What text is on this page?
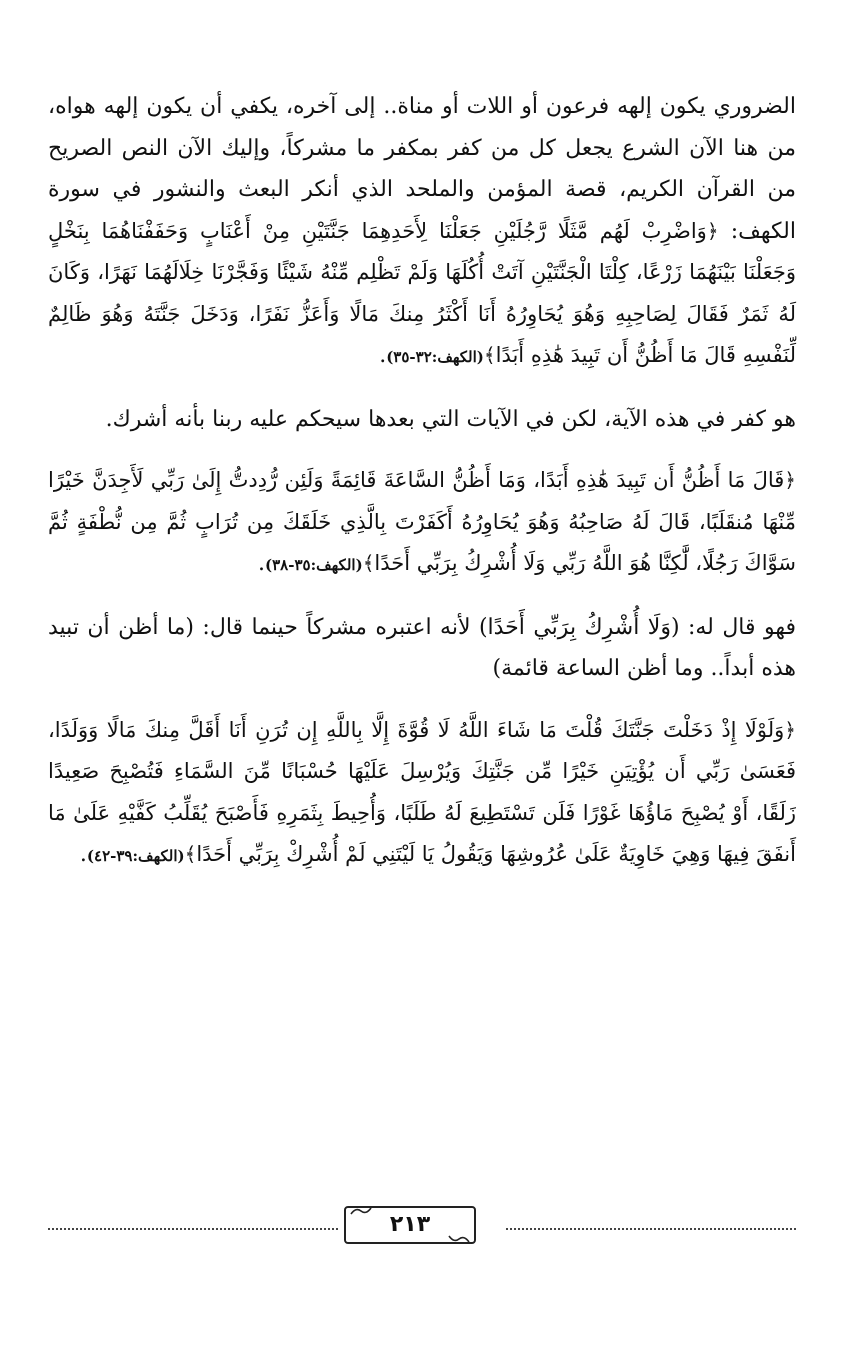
الضروري يكون إلهه فرعون أو اللات أو مناة.. إلى آخره، يكفي أن يكون إلهه هواه، من هنا الآن الشرع يجعل كل من كفر بمكفر ما مشركاً، وإليك الآن النص الصريح من القرآن الكريم، قصة المؤمن والملحد الذي أنكر البعث والنشور في سورة الكهف: ﴿وَاضْرِبْ لَهُم مَّثَلًا رَّجُلَيْنِ جَعَلْنَا لِأَحَدِهِمَا جَنَّتَيْنِ مِنْ أَعْنَابٍ وَحَفَفْنَاهُمَا بِنَخْلٍ وَجَعَلْنَا بَيْنَهُمَا زَرْعًا، كِلْتَا الْجَنَّتَيْنِ آتَتْ أُكُلَهَا وَلَمْ تَظْلِم مِّنْهُ شَيْئًا وَفَجَّرْنَا خِلَالَهُمَا نَهَرًا، وَكَانَ لَهُ ثَمَرٌ فَقَالَ لِصَاحِبِهِ وَهُوَ يُحَاوِرُهُ أَنَا أَكْثَرُ مِنكَ مَالًا وَأَعَزُّ نَفَرًا، وَدَخَلَ جَنَّتَهُ وَهُوَ ظَالِمٌ لِّنَفْسِهِ قَالَ مَا أَظُنُّ أَن تَبِيدَ هَٰذِهِ أَبَدًا﴾(الكهف:٣٢-٣٥).

هو كفر في هذه الآية، لكن في الآيات التي بعدها سيحكم عليه ربنا بأنه أشرك.

﴿قَالَ مَا أَظُنُّ أَن تَبِيدَ هَٰذِهِ أَبَدًا، وَمَا أَظُنُّ السَّاعَةَ قَائِمَةً وَلَئِن رُّدِدتُّ إِلَىٰ رَبِّي لَأَجِدَنَّ خَيْرًا مِّنْهَا مُنقَلَبًا، قَالَ لَهُ صَاحِبُهُ وَهُوَ يُحَاوِرُهُ أَكَفَرْتَ بِالَّذِي خَلَقَكَ مِن تُرَابٍ ثُمَّ مِن نُّطْفَةٍ ثُمَّ سَوَّاكَ رَجُلًا، لَّٰكِنَّا هُوَ اللَّهُ رَبِّي وَلَا أُشْرِكُ بِرَبِّي أَحَدًا﴾(الكهف:٣٥-٣٨).

فهو قال له: (وَلَا أُشْرِكُ بِرَبِّي أَحَدًا) لأنه اعتبره مشركاً حينما قال: (ما أظن أن تبيد هذه أبداً.. وما أظن الساعة قائمة)

﴿وَلَوْلَا إِذْ دَخَلْتَ جَنَّتَكَ قُلْتَ مَا شَاءَ اللَّهُ لَا قُوَّةَ إِلَّا بِاللَّهِ إِن تُرَنِ أَنَا أَقَلَّ مِنكَ مَالًا وَوَلَدًا، فَعَسَىٰ رَبِّي أَن يُؤْتِيَنِ خَيْرًا مِّن جَنَّتِكَ وَيُرْسِلَ عَلَيْهَا حُسْبَانًا مِّنَ السَّمَاءِ فَتُصْبِحَ صَعِيدًا زَلَقًا، أَوْ يُصْبِحَ مَاؤُهَا غَوْرًا فَلَن تَسْتَطِيعَ لَهُ طَلَبًا، وَأُحِيطَ بِثَمَرِهِ فَأَصْبَحَ يُقَلِّبُ كَفَّيْهِ عَلَىٰ مَا أَنفَقَ فِيهَا وَهِيَ خَاوِيَةٌ عَلَىٰ عُرُوشِهَا وَيَقُولُ يَا لَيْتَنِي لَمْ أُشْرِكْ بِرَبِّي أَحَدًا﴾(الكهف:٣٩-٤٢).

٢١٣
